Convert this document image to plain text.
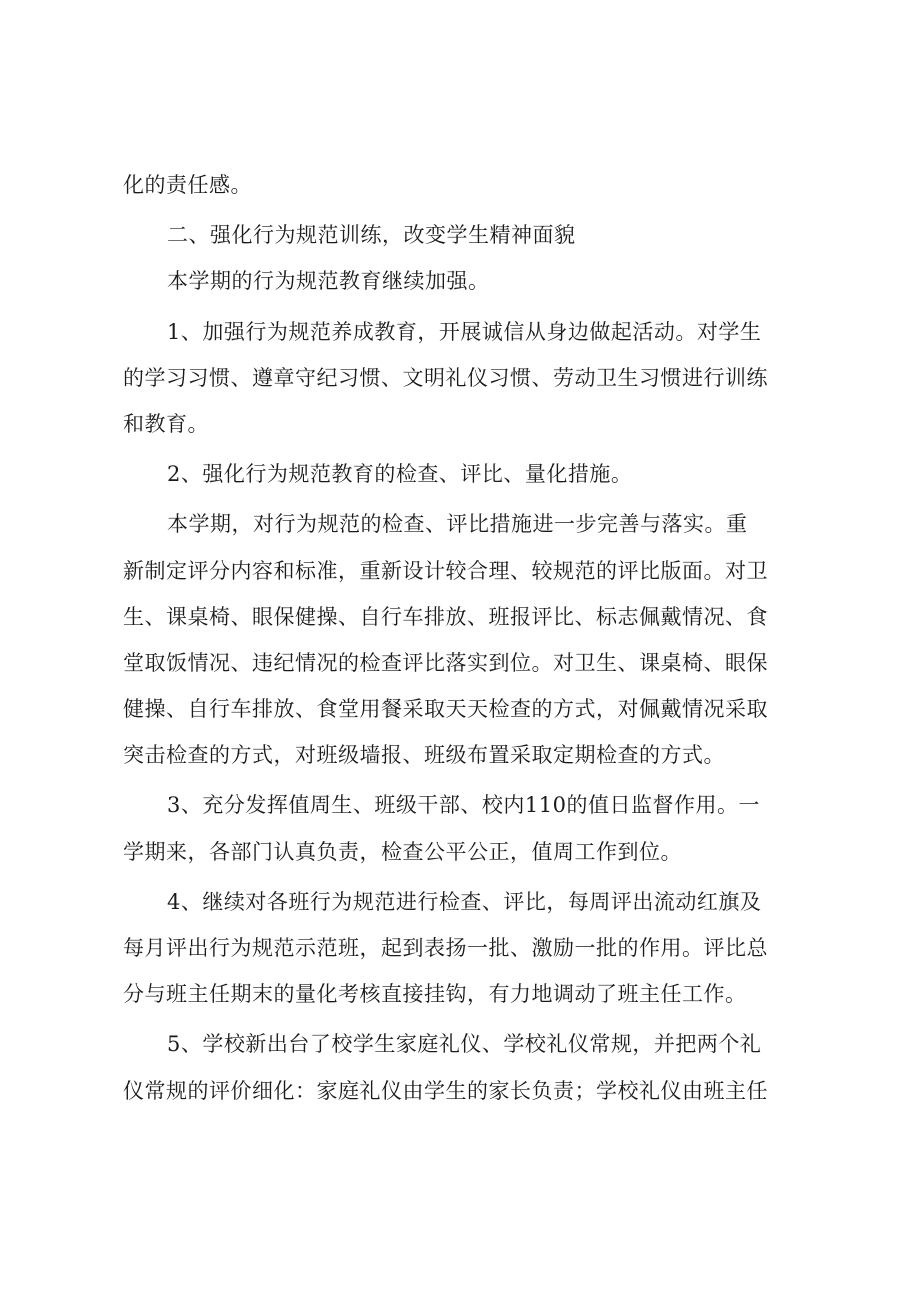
化的责任感。
二、强化行为规范训练，改变学生精神面貌
本学期的行为规范教育继续加强。
1、加强行为规范养成教育，开展诚信从身边做起活动。对学生
的学习习惯、遵章守纪习惯、文明礼仪习惯、劳动卫生习惯进行训练
和教育。
2、强化行为规范教育的检查、评比、量化措施。
本学期，对行为规范的检查、评比措施进一步完善与落实。重
新制定评分内容和标准，重新设计较合理、较规范的评比版面。对卫
生、课桌椅、眼保健操、自行车排放、班报评比、标志佩戴情况、食
堂取饭情况、违纪情况的检查评比落实到位。对卫生、课桌椅、眼保
健操、自行车排放、食堂用餐采取天天检查的方式，对佩戴情况采取
突击检查的方式，对班级墙报、班级布置采取定期检查的方式。
3、充分发挥值周生、班级干部、校内110的值日监督作用。一
学期来，各部门认真负责，检查公平公正，值周工作到位。
4、继续对各班行为规范进行检查、评比，每周评出流动红旗及
每月评出行为规范示范班，起到表扬一批、激励一批的作用。评比总
分与班主任期末的量化考核直接挂钩，有力地调动了班主任工作。
5、学校新出台了校学生家庭礼仪、学校礼仪常规，并把两个礼
仪常规的评价细化：家庭礼仪由学生的家长负责；学校礼仪由班主任
